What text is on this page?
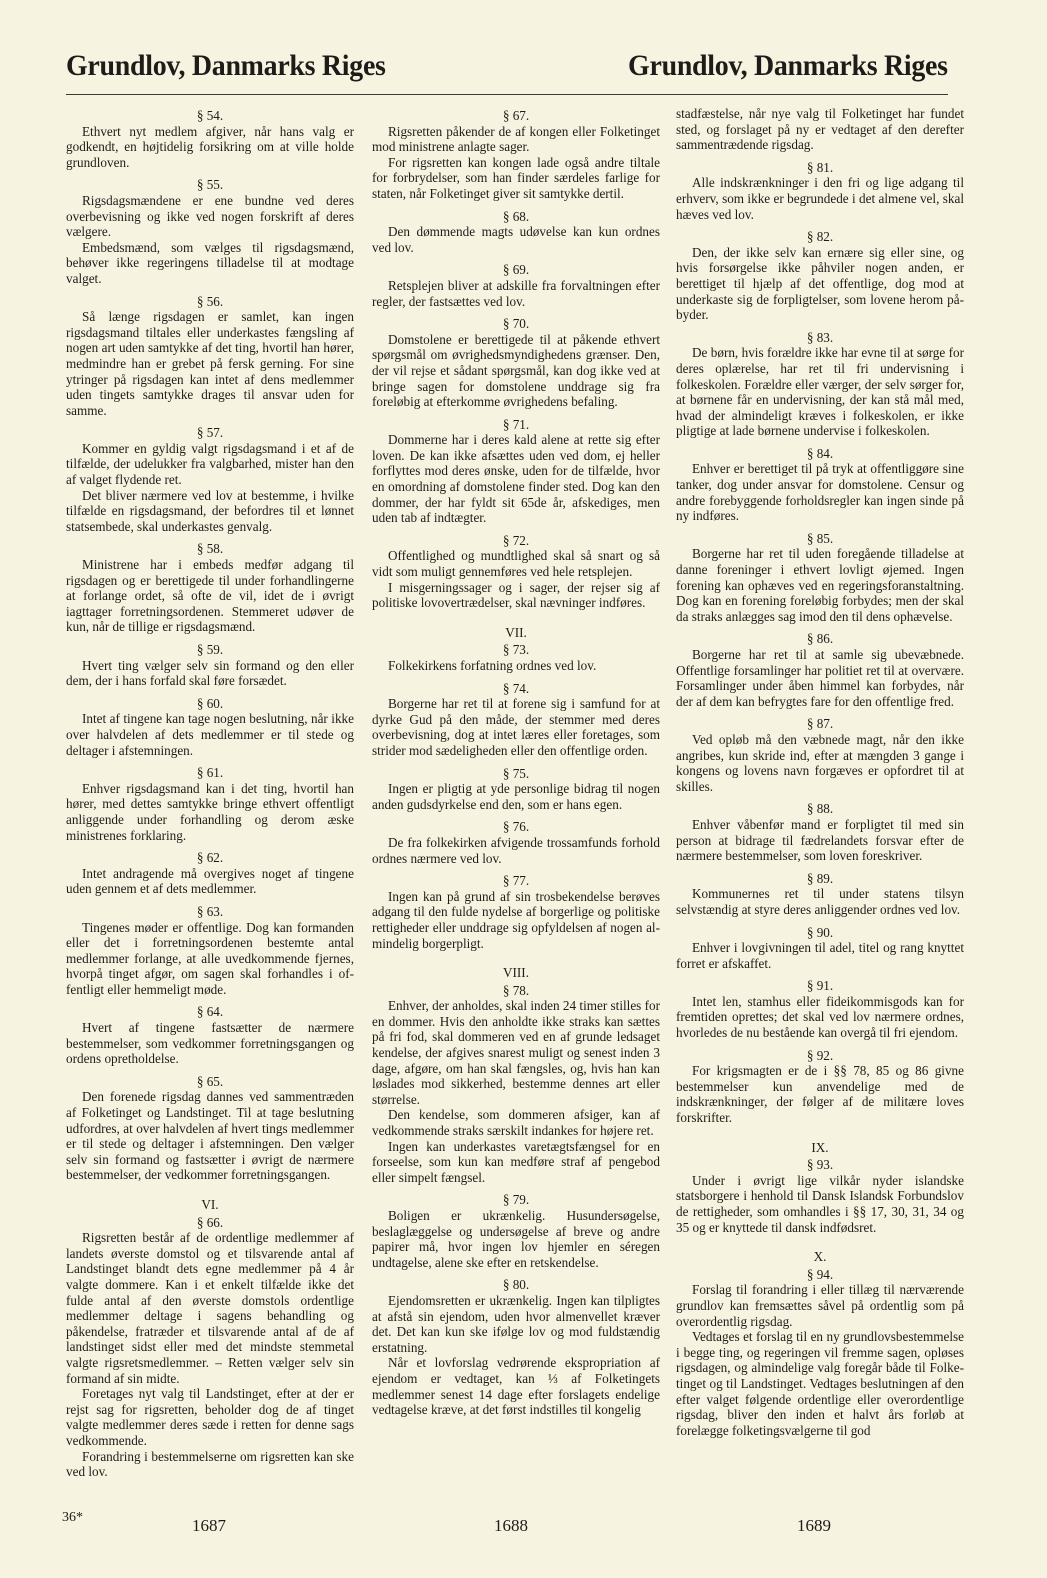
Grundlov, Danmarks Riges	Grundlov, Danmarks Riges
§ 54.
Ethvert nyt medlem afgiver, når hans valg er godkendt, en højtidelig forsikring om at ville holde grundloven.
§ 55.
Rigsdagsmændene er ene bundne ved deres overbevisning og ikke ved nogen forskrift af deres vælgere.
Embedsmænd, som vælges til rigsdagsmænd, behøver ikke regeringens tilladelse til at modtage valget.
§ 56.
Så længe rigsdagen er samlet, kan ingen rigsdagsmand tiltales eller underkastes fængsling af nogen art uden samtykke af det ting, hvortil han hører, medmindre han er grebet på fersk gerning. For sine ytringer på rigsdagen kan intet af dens medlemmer uden tingets samtykke drages til ansvar uden for samme.
§ 57.
Kommer en gyldig valgt rigsdagsmand i et af de tilfælde, der udelukker fra valgbarhed, mister han den af valget flydende ret.
Det bliver nærmere ved lov at bestemme, i hvilke tilfælde en rigsdagsmand, der befordres til et lønnet statsembede, skal underkastes genvalg.
§ 58.
Ministrene har i embeds medfør adgang til rigsdagen og er berettigede til under forhandlingerne at forlange ordet, så ofte de vil, idet de i øvrigt iagttager forretningsordenen. Stemmeret udøver de kun, når de tillige er rigsdagsmænd.
§ 59.
Hvert ting vælger selv sin formand og den eller dem, der i hans forfald skal føre forsædet.
§ 60.
Intet af tingene kan tage nogen beslutning, når ikke over halvdelen af dets medlemmer er til stede og deltager i afstemningen.
§ 61.
Enhver rigsdagsmand kan i det ting, hvortil han hører, med dettes samtykke bringe ethvert offentligt anliggende under forhandling og derom æske ministrenes forklaring.
§ 62.
Intet andragende må overgives noget af tingene uden gennem et af dets medlemmer.
§ 63.
Tingenes møder er offentlige. Dog kan formanden eller det i forretningsordenen bestemte antal medlemmer forlange, at alle uvedkommende fjernes, hvorpå tinget afgør, om sagen skal forhandles i offentligt eller hemmeligt møde.
§ 64.
Hvert af tingene fastsætter de nærmere bestemmelser, som vedkommer forretningsgangen og ordens opretholdelse.
§ 65.
Den forenede rigsdag dannes ved sammentræden af Folketinget og Landstinget. Til at tage beslutning udfordres, at over halvdelen af hvert tings medlemmer er til stede og deltager i afstemningen. Den vælger selv sin formand og fastsætter i øvrigt de nærmere bestemmelser, der vedkommer forretningsgangen.
VI.
§ 66.
Rigsretten består af de ordentlige medlemmer af landets øverste domstol og et tilsvarende antal af Landstinget blandt dets egne medlemmer på 4 år valgte dommere. Kan i et enkelt tilfælde ikke det fulde antal af den øverste domstols ordentlige medlemmer deltage i sagens behandling og påkendelse, fratræder et tilsvarende antal af de af landstinget sidst eller med det mindste stemmetal valgte rigsretsmedlemmer. – Retten vælger selv sin formand af sin midte.
Foretages nyt valg til Landstinget, efter at der er rejst sag for rigsretten, beholder dog de af tinget valgte medlemmer deres sæde i retten for denne sags vedkommende.
Forandring i bestemmelserne om rigsretten kan ske ved lov.
§ 67.
Rigsretten påkender de af kongen eller Folketinget mod ministrene anlagte sager.
For rigsretten kan kongen lade også andre tiltale for forbrydelser, som han finder særdeles farlige for staten, når Folketinget giver sit samtykke dertil.
§ 68.
Den dømmende magts udøvelse kan kun ordnes ved lov.
§ 69.
Retsplejen bliver at adskille fra forvaltningen efter regler, der fastsættes ved lov.
§ 70.
Domstolene er berettigede til at påkende ethvert spørgsmål om øvrighedsmyndighedens grænser. Den, der vil rejse et sådant spørgsmål, kan dog ikke ved at bringe sagen for domstolene unddrage sig fra foreløbig at efterkomme øvrighedens befaling.
§ 71.
Dommerne har i deres kald alene at rette sig efter loven. De kan ikke afsættes uden ved dom, ej heller forflyttes mod deres ønske, uden for de tilfælde, hvor en omordning af domstolene finder sted. Dog kan den dommer, der har fyldt sit 65de år, afskediges, men uden tab af indtægter.
§ 72.
Offentlighed og mundtlighed skal så snart og så vidt som muligt gennemføres ved hele retsplejen.
I misgerningssager og i sager, der rejser sig af politiske lovovertrædelser, skal nævninger indføres.
VII.
§ 73.
Folkekirkens forfatning ordnes ved lov.
§ 74.
Borgerne har ret til at forene sig i samfund for at dyrke Gud på den måde, der stemmer med deres overbevisning, dog at intet læres eller foretages, som strider mod sædeligheden eller den offentlige orden.
§ 75.
Ingen er pligtig at yde personlige bidrag til nogen anden gudsdyrkelse end den, som er hans egen.
§ 76.
De fra folkekirken afvigende trossamfunds forhold ordnes nærmere ved lov.
§ 77.
Ingen kan på grund af sin trosbekendelse berøves adgang til den fulde nydelse af borgerlige og politiske rettigheder eller unddrage sig opfyldelsen af nogen almindelig borgerpligt.
VIII.
§ 78.
Enhver, der anholdes, skal inden 24 timer stilles for en dommer. Hvis den anholdte ikke straks kan sættes på fri fod, skal dommeren ved en af grunde ledsaget kendelse, der afgives snarest muligt og senest inden 3 dage, afgøre, om han skal fængsles, og, hvis han kan løslades mod sikkerhed, bestemme dennes art eller størrelse.
Den kendelse, som dommeren afsiger, kan af vedkommende straks særskilt indankes for højere ret.
Ingen kan underkastes varetægtsfængsel for en forseelse, som kun kan medføre straf af pengebod eller simpelt fængsel.
§ 79.
Boligen er ukrænkelig. Husundersøgelse, beslaglæggelse og undersøgelse af breve og andre papirer må, hvor ingen lov hjemler en séregen undtagelse, alene ske efter en retskendelse.
§ 80.
Ejendomsretten er ukrænkelig. Ingen kan tilpligtes at afstå sin ejendom, uden hvor almenvellet kræver det. Det kan kun ske ifølge lov og mod fuldstændig erstatning.
Når et lovforslag vedrørende ekspropriation af ejendom er vedtaget, kan ⅓ af Folketingets medlemmer senest 14 dage efter forslagets endelige vedtagelse kræve, at det først indstilles til kongelig
stadfæstelse, når nye valg til Folketinget har fundet sted, og forslaget på ny er vedtaget af den derefter sammentrædende rigsdag.
§ 81.
Alle indskrænkninger i den fri og lige adgang til erhverv, som ikke er begrundede i det almene vel, skal hæves ved lov.
§ 82.
Den, der ikke selv kan ernære sig eller sine, og hvis forsørgelse ikke påhviler nogen anden, er berettiget til hjælp af det offentlige, dog mod at underkaste sig de forpligtelser, som lovene herom påbyder.
§ 83.
De børn, hvis forældre ikke har evne til at sørge for deres oplærelse, har ret til fri undervisning i folkeskolen. Forældre eller værger, der selv sørger for, at børnene får en undervisning, der kan stå mål med, hvad der almindeligt kræves i folkeskolen, er ikke pligtige at lade børnene undervise i folkeskolen.
§ 84.
Enhver er berettiget til på tryk at offentliggøre sine tanker, dog under ansvar for domstolene. Censur og andre forebyggende forholdsregler kan ingen sinde på ny indføres.
§ 85.
Borgerne har ret til uden foregående tilladelse at danne foreninger i ethvert lovligt øjemed. Ingen forening kan ophæves ved en regeringsforanstaltning. Dog kan en forening foreløbig forbydes; men der skal da straks anlægges sag imod den til dens ophævelse.
§ 86.
Borgerne har ret til at samle sig ubevæbnede. Offentlige forsamlinger har politiet ret til at overvære. Forsamlinger under åben himmel kan forbydes, når der af dem kan befrygtes fare for den offentlige fred.
§ 87.
Ved opløb må den væbnede magt, når den ikke angribes, kun skride ind, efter at mængden 3 gange i kongens og lovens navn forgæves er opfordret til at skilles.
§ 88.
Enhver våbenfør mand er forpligtet til med sin person at bidrage til fædrelandets forsvar efter de nærmere bestemmelser, som loven foreskriver.
§ 89.
Kommunernes ret til under statens tilsyn selvstændig at styre deres anliggender ordnes ved lov.
§ 90.
Enhver i lovgivningen til adel, titel og rang knyttet forret er afskaffet.
§ 91.
Intet len, stamhus eller fideikommisgods kan for fremtiden oprettes; det skal ved lov nærmere ordnes, hvorledes de nu bestående kan overgå til fri ejendom.
§ 92.
For krigsmagten er de i §§ 78, 85 og 86 givne bestemmelser kun anvendelige med de indskrænkninger, der følger af de militære loves forskrifter.
IX.
§ 93.
Under i øvrigt lige vilkår nyder islandske statsborgere i henhold til Dansk Islandsk Forbundslov de rettigheder, som omhandles i §§ 17, 30, 31, 34 og 35 og er knyttede til dansk indfødsret.
X.
§ 94.
Forslag til forandring i eller tillæg til nærværende grundlov kan fremsættes såvel på ordentlig som på overordentlig rigsdag.
Vedtages et forslag til en ny grundlovsbestemmelse i begge ting, og regeringen vil fremme sagen, opløses rigsdagen, og almindelige valg foregår både til Folketinget og til Landstinget. Vedtages beslutningen af den efter valget følgende ordentlige eller overordentlige rigsdag, bliver den inden et halvt års forløb at forelægge folketingsvælgerne til god
36*	1687	1688	1689
